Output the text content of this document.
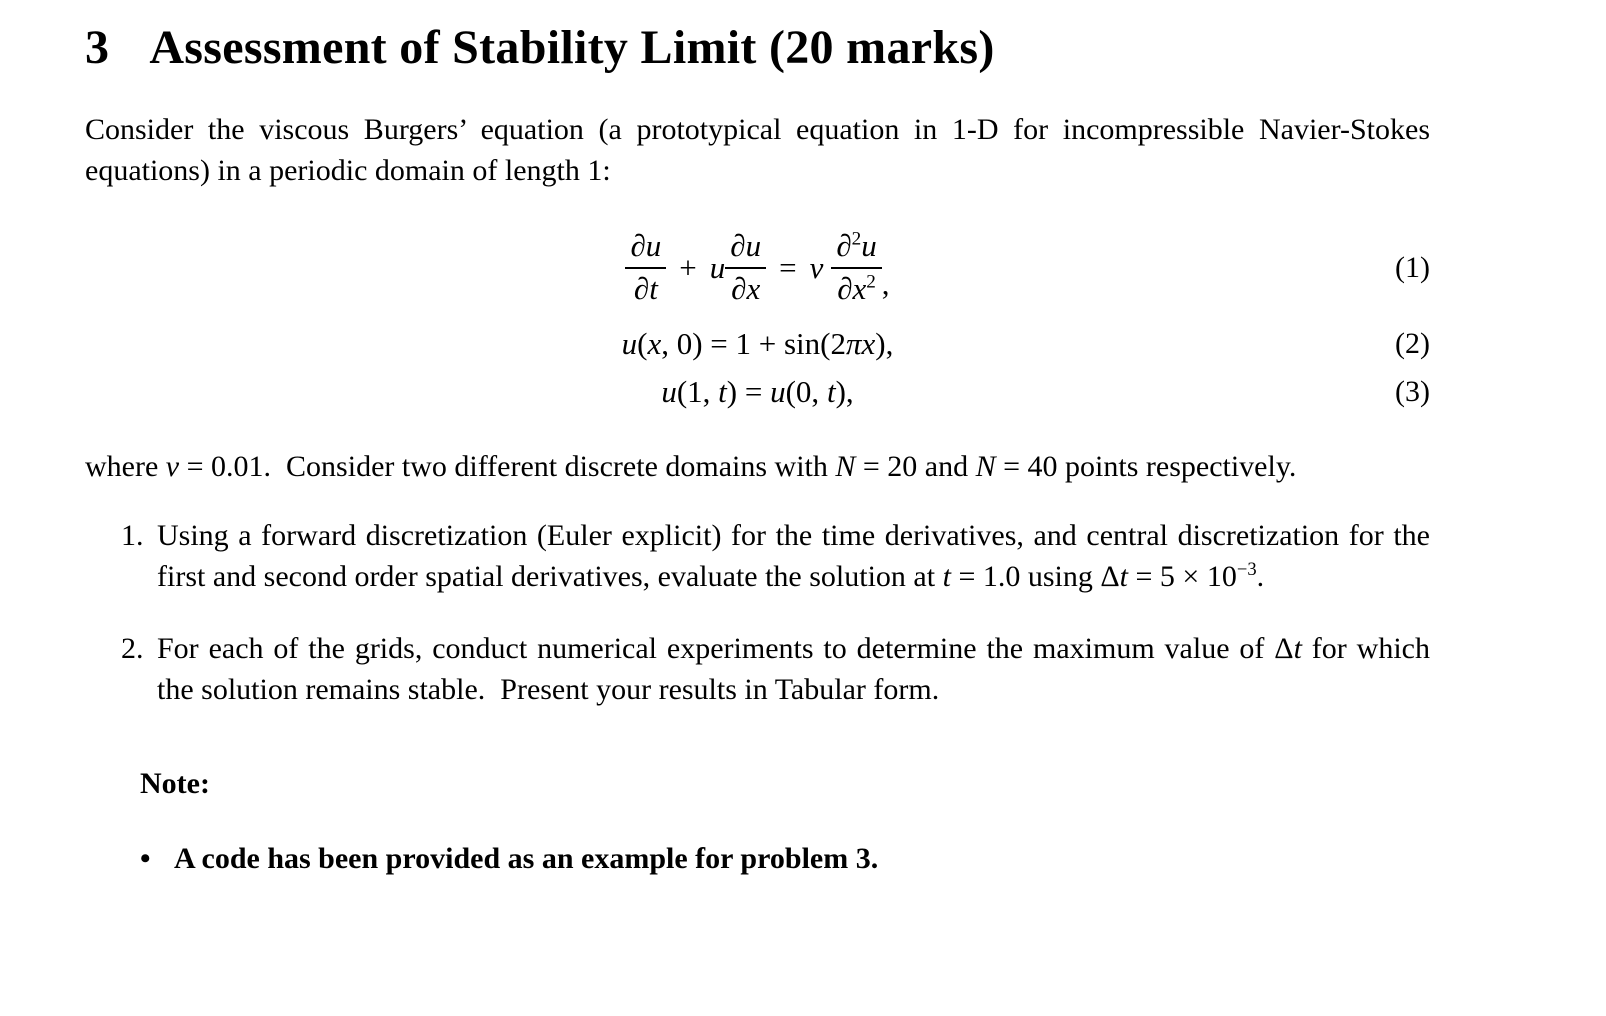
3 Assessment of Stability Limit (20 marks)

Consider the viscous Burgers’ equation (a prototypical equation in 1-D for incompressible Navier-Stokes equations) in a periodic domain of length 1:

$\frac{\partial u}{\partial t} + u \frac{\partial u}{\partial x} = \nu \frac{\partial^2u}{\partial x^2}$ ,	(1)
u(x, 0) = 1 + sin(2πx),	(2)
u(1, t) = u(0, t),	(3)

where ν = 0.01. Consider two different discrete domains with N = 20 and N = 40 points respectively.

1. Using a forward discretization (Euler explicit) for the time derivatives, and central discretization for the first and second order spatial derivatives, evaluate the solution at t = 1.0 using $\Delta t = 5 \times 10^{-3}$.
2. For each of the grids, conduct numerical experiments to determine the maximum value of Δt for which the solution remains stable. Present your results in Tabular form.
Note:
• A code has been provided as an example for problem 3.
